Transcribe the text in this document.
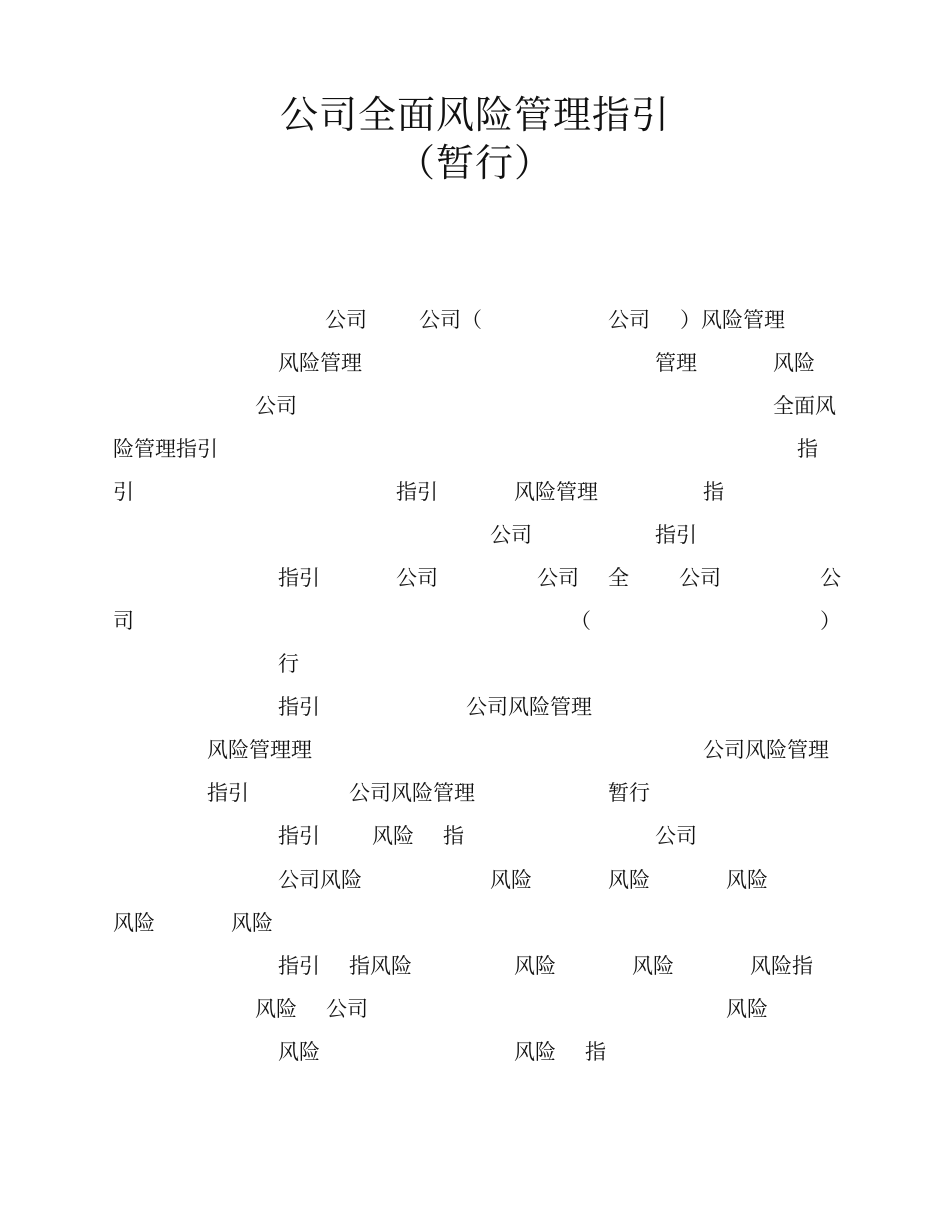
公司全面风险管理指引
（暂行）
公司 公司（	公司 ）风险管理
风险管理	管理	风险
公司	全面风
险管理指引	指
引	指引	风险管理	指
公司	指引
指引	公司	公司 全 公司	公
司	（	）
行
指引	公司风险管理
风险管理理	公司风险管理
指引	公司风险管理	暂行
指引 风险 指	公司
公司风险	风险	风险	风险
风险	风险
指引 指风险	风险	风险	风险指
风险 公司	风险
风险	风险 指
